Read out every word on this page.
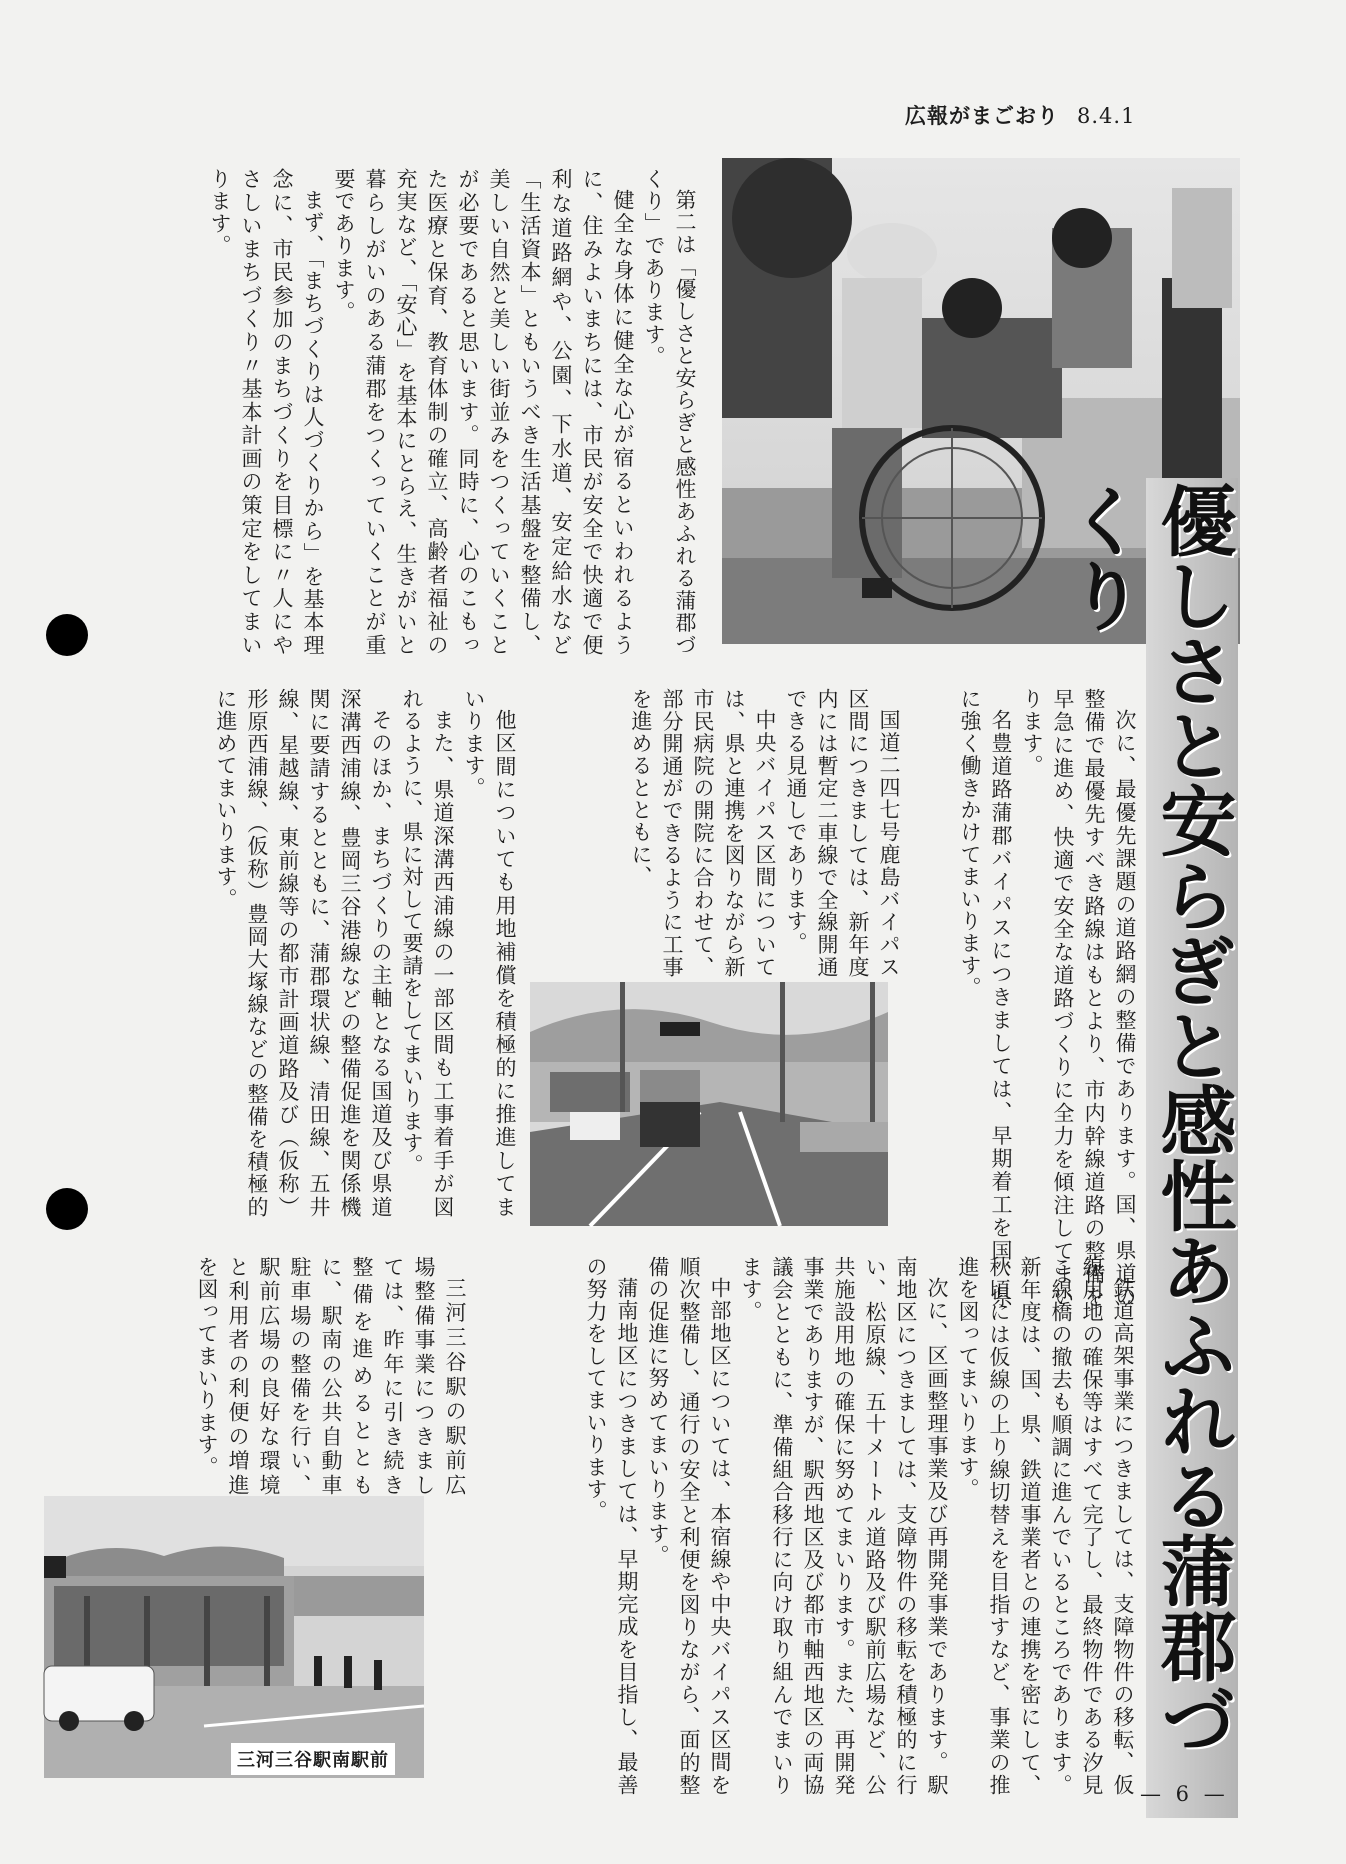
広報がまごおり 8.4.1

第二は「優しさと安らぎと感性あふれる蒲郡づくり」であります。

健全な身体に健全な心が宿るといわれるように、住みよいまちには、市民が安全で快適で便利な道路網や、公園、下水道、安定給水など「生活資本」ともいうべき生活基盤を整備し、美しい自然と美しい街並みをつくっていくことが必要であると思います。同時に、心のこもった医療と保育、教育体制の確立、高齢者福祉の充実など、「安心」を基本にとらえ、生きがいと暮らしがいのある蒲郡をつくっていくことが重要であります。

まず、「まちづくりは人づくりから」を基本理念に、市民参加のまちづくりを目標に〃人にやさしいまちづくり〃基本計画の策定をしてまいります。

優しさと安らぎと感性あふれる蒲郡づくり

次に、最優先課題の道路網の整備であります。国、県道の整備で最優先すべき路線はもとより、市内幹線道路の整備を早急に進め、快適で安全な道路づくりに全力を傾注してまいります。

名豊道路蒲郡バイパスにつきましては、早期着工を国、県に強く働きかけてまいります。

国道二四七号鹿島バイパス区間につきましては、新年度内には暫定二車線で全線開通できる見通しであります。

中央バイパス区間については、県と連携を図りながら新市民病院の開院に合わせて、部分開通ができるように工事を進めるとともに、

他区間についても用地補償を積極的に推進してまいります。

また、県道深溝西浦線の一部区間も工事着手が図れるように、県に対して要請をしてまいります。

そのほか、まちづくりの主軸となる国道及び県道深溝西浦線、豊岡三谷港線などの整備促進を関係機関に要請するとともに、蒲郡環状線、清田線、五井線、星越線、東前線等の都市計画道路及び（仮称）形原西浦線、（仮称）豊岡大塚線などの整備を積極的に進めてまいります。

鉄道高架事業につきましては、支障物件の移転、仮線用地の確保等はすべて完了し、最終物件である汐見こ線橋の撤去も順調に進んでいるところであります。新年度は、国、県、鉄道事業者との連携を密にして、秋頃には仮線の上り線切替えを目指すなど、事業の推進を図ってまいります。

次に、区画整理事業及び再開発事業であります。駅南地区につきましては、支障物件の移転を積極的に行い、松原線、五十メートル道路及び駅前広場など、公共施設用地の確保に努めてまいります。また、再開発事業でありますが、駅西地区及び都市軸西地区の両協議会とともに、準備組合移行に向け取り組んでまいります。

中部地区については、本宿線や中央バイパス区間を順次整備し、通行の安全と利便を図りながら、面的整備の促進に努めてまいります。

蒲南地区につきましては、早期完成を目指し、最善の努力をしてまいります。

三河三谷駅の駅前広場整備事業につきましては、昨年に引き続き整備を進めるとともに、駅南の公共自動車駐車場の整備を行い、駅前広場の良好な環境と利用者の利便の増進を図ってまいります。

三河三谷駅南駅前
— 6 —
